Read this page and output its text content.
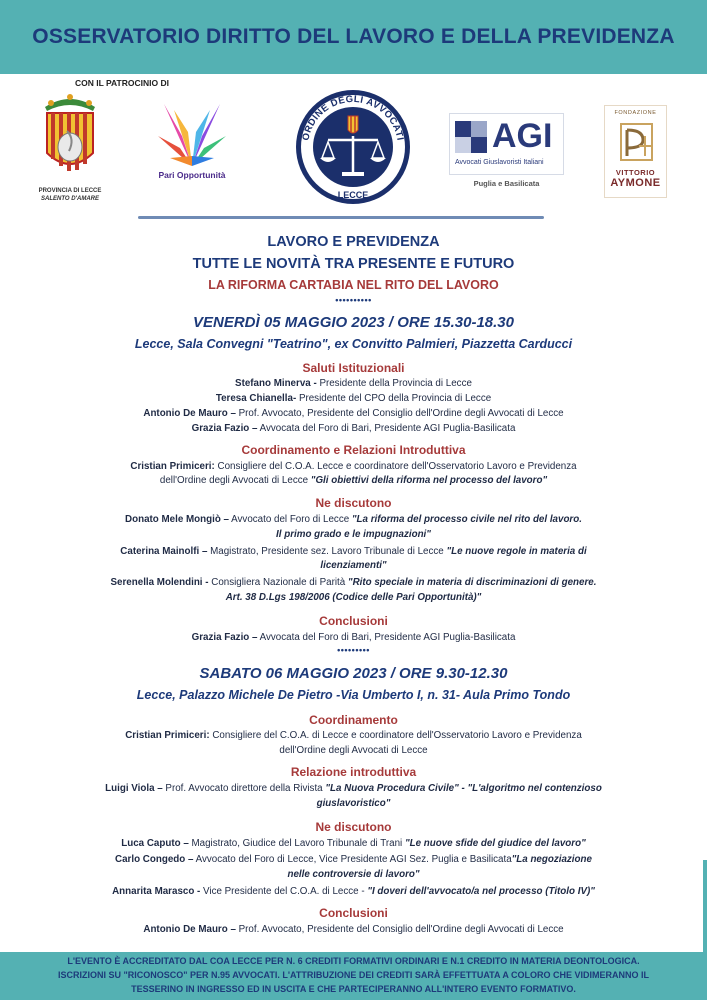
OSSERVATORIO DIRITTO DEL LAVORO E DELLA PREVIDENZA
CON IL PATROCINIO DI
PROVINCIA DI LECCE
SALENTO D'AMARE
Pari Opportunità
ORDINE DEGLI AVVOCATI
LECCE
AGI
Avvocati Giuslavoristi Italiani
Puglia e Basilicata
FONDAZIONE
VITTORIO
AYMONE
LAVORO E PREVIDENZA
TUTTE LE NOVITÀ TRA PRESENTE E FUTURO
LA RIFORMA CARTABIA NEL RITO DEL LAVORO
••••••••••
VENERDÌ 05 MAGGIO 2023 / ORE 15.30-18.30
Lecce, Sala Convegni "Teatrino", ex Convitto Palmieri, Piazzetta Carducci
Saluti Istituzionali
Stefano Minerva - Presidente della Provincia di Lecce
Teresa Chianella- Presidente del CPO della Provincia di Lecce
Antonio De Mauro – Prof. Avvocato, Presidente del Consiglio dell'Ordine degli Avvocati di Lecce
Grazia Fazio – Avvocata del Foro di Bari, Presidente AGI Puglia-Basilicata
Coordinamento e Relazioni Introduttiva
Cristian Primiceri: Consigliere del C.O.A. Lecce e coordinatore dell'Osservatorio Lavoro e Previdenza
dell'Ordine degli Avvocati di Lecce "Gli obiettivi della riforma nel processo del lavoro"
Ne discutono
Donato Mele Mongiò – Avvocato del Foro di Lecce "La riforma del processo civile nel rito del lavoro.
Il primo grado e le impugnazioni"
Caterina Mainolfi – Magistrato, Presidente sez. Lavoro Tribunale di Lecce "Le nuove regole in materia di
licenziamenti"
Serenella Molendini - Consigliera Nazionale di Parità "Rito speciale in materia di discriminazioni di genere.
Art. 38 D.Lgs 198/2006 (Codice delle Pari Opportunità)"
Conclusioni
Grazia Fazio – Avvocata del Foro di Bari, Presidente AGI Puglia-Basilicata
•••••••••
SABATO 06 MAGGIO 2023 / ORE 9.30-12.30
Lecce, Palazzo Michele De Pietro -Via Umberto I, n. 31- Aula Primo Tondo
Coordinamento
Cristian Primiceri: Consigliere del C.O.A. di Lecce e coordinatore dell'Osservatorio Lavoro e Previdenza
dell'Ordine degli Avvocati di Lecce
Relazione introduttiva
Luigi Viola – Prof. Avvocato direttore della Rivista "La Nuova Procedura Civile" - "L'algoritmo nel contenzioso
giuslavoristico"
Ne discutono
Luca Caputo – Magistrato, Giudice del Lavoro Tribunale di Trani "Le nuove sfide del giudice del lavoro"
Carlo Congedo – Avvocato del Foro di Lecce, Vice Presidente AGI Sez. Puglia e Basilicata"La negoziazione
nelle controversie di lavoro"
Annarita Marasco - Vice Presidente del C.O.A. di Lecce - "I doveri dell'avvocato/a nel processo (Titolo IV)"
Conclusioni
Antonio De Mauro – Prof. Avvocato, Presidente del Consiglio dell'Ordine degli Avvocati di Lecce

L'EVENTO È ACCREDITATO DAL COA LECCE PER N. 6 CREDITI FORMATIVI ORDINARI E N.1 CREDITO IN MATERIA DEONTOLOGICA.

ISCRIZIONI SU "RICONOSCO" PER N.95 AVVOCATI. L'ATTRIBUZIONE DEI CREDITI SARÀ EFFETTUATA A COLORO CHE VIDIMERANNO IL

TESSERINO IN INGRESSO ED IN USCITA E CHE PARTECIPERANNO ALL'INTERO EVENTO FORMATIVO.
